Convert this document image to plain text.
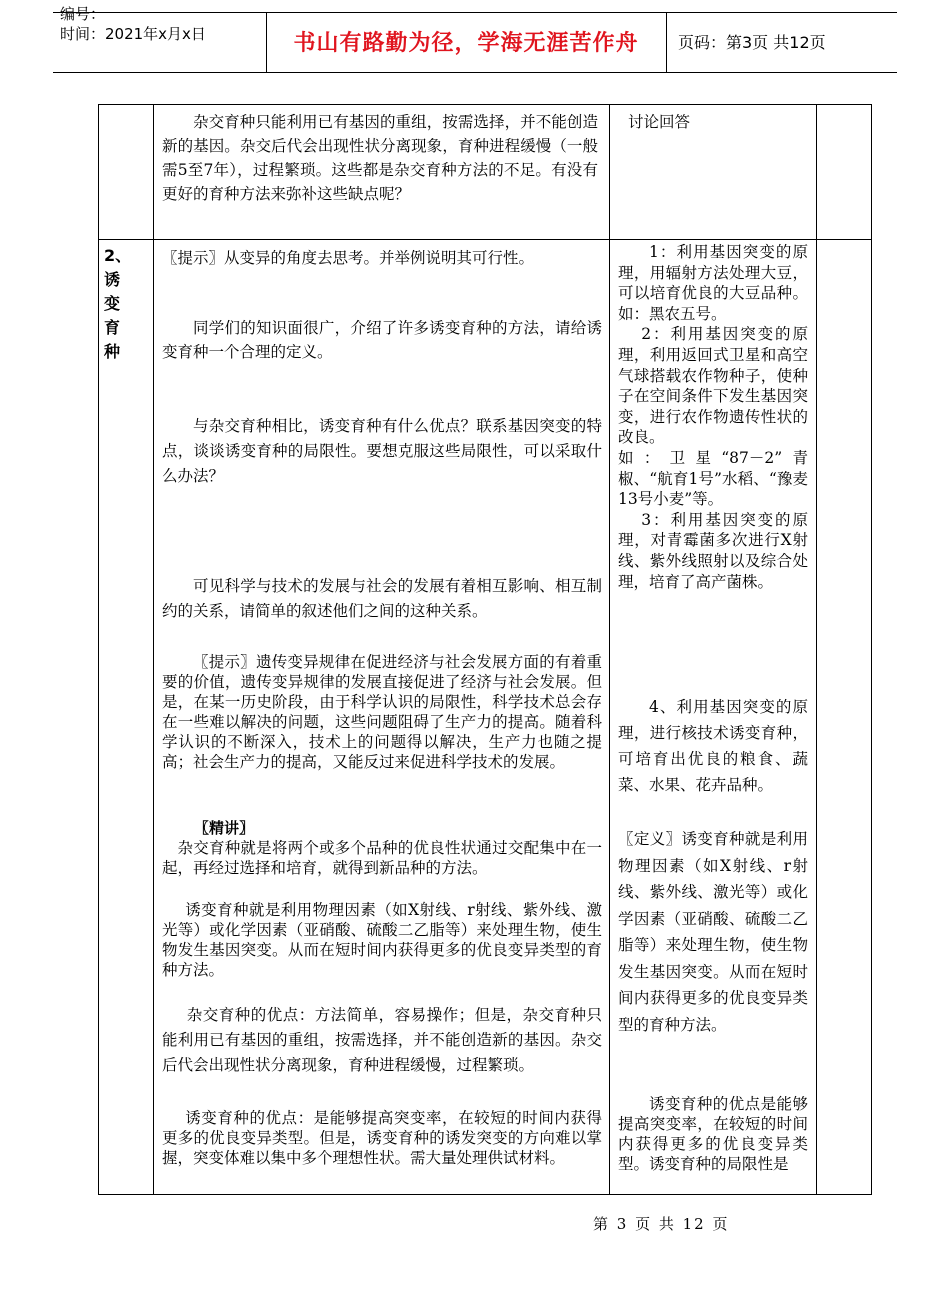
编号：
时间：2021年x月x日	书山有路勤为径，学海无涯苦作舟	页码：第3页 共12页

杂交育种只能利用已有基因的重组，按需选择，并不能创造新的基因。杂交后代会出现性状分离现象，育种进程缓慢（一般需5至7年），过程繁琐。这些都是杂交育种方法的不足。有没有更好的育种方法来弥补这些缺点呢？

讨论回答

2、
诱
变
育
种

〖提示〗从变异的角度去思考。并举例说明其可行性。

同学们的知识面很广，介绍了许多诱变育种的方法，请给诱变育种一个合理的定义。

与杂交育种相比，诱变育种有什么优点？联系基因突变的特点，谈谈诱变育种的局限性。要想克服这些局限性，可以采取什么办法？

可见科学与技术的发展与社会的发展有着相互影响、相互制约的关系，请简单的叙述他们之间的这种关系。

〖提示〗遗传变异规律在促进经济与社会发展方面的有着重要的价值，遗传变异规律的发展直接促进了经济与社会发展。但是，在某一历史阶段，由于科学认识的局限性，科学技术总会存在一些难以解决的问题，这些问题阻碍了生产力的提高。随着科学认识的不断深入，技术上的问题得以解决，生产力也随之提高；社会生产力的提高，又能反过来促进科学技术的发展。

〖精讲〗

杂交育种就是将两个或多个品种的优良性状通过交配集中在一起，再经过选择和培育，就得到新品种的方法。

诱变育种就是利用物理因素（如X射线、r射线、紫外线、激光等）或化学因素（亚硝酸、硫酸二乙脂等）来处理生物，使生物发生基因突变。从而在短时间内获得更多的优良变异类型的育种方法。

杂交育种的优点：方法简单，容易操作；但是，杂交育种只能利用已有基因的重组，按需选择，并不能创造新的基因。杂交后代会出现性状分离现象，育种进程缓慢，过程繁琐。

诱变育种的优点：是能够提高突变率，在较短的时间内获得更多的优良变异类型。但是，诱变育种的诱发突变的方向难以掌握，突变体难以集中多个理想性状。需大量处理供试材料。

1：利用基因突变的原理，用辐射方法处理大豆，可以培育优良的大豆品种。如：黑农五号。

2：利用基因突变的原理，利用返回式卫星和高空气球搭载农作物种子，使种子在空间条件下发生基因突变，进行农作物遗传性状的改良。

如：卫星“87－2”青椒、“航育1号”水稻、“豫麦13号小麦”等。

3：利用基因突变的原理，对青霉菌多次进行X射线、紫外线照射以及综合处理，培育了高产菌株。

4、利用基因突变的原理，进行核技术诱变育种，可培育出优良的粮食、蔬菜、水果、花卉品种。

〖定义〗诱变育种就是利用物理因素（如X射线、r射线、紫外线、激光等）或化学因素（亚硝酸、硫酸二乙脂等）来处理生物，使生物发生基因突变。从而在短时间内获得更多的优良变异类型的育种方法。

诱变育种的优点是能够提高突变率，在较短的时间内获得更多的优良变异类型。诱变育种的局限性是

第 3 页 共 12 页
